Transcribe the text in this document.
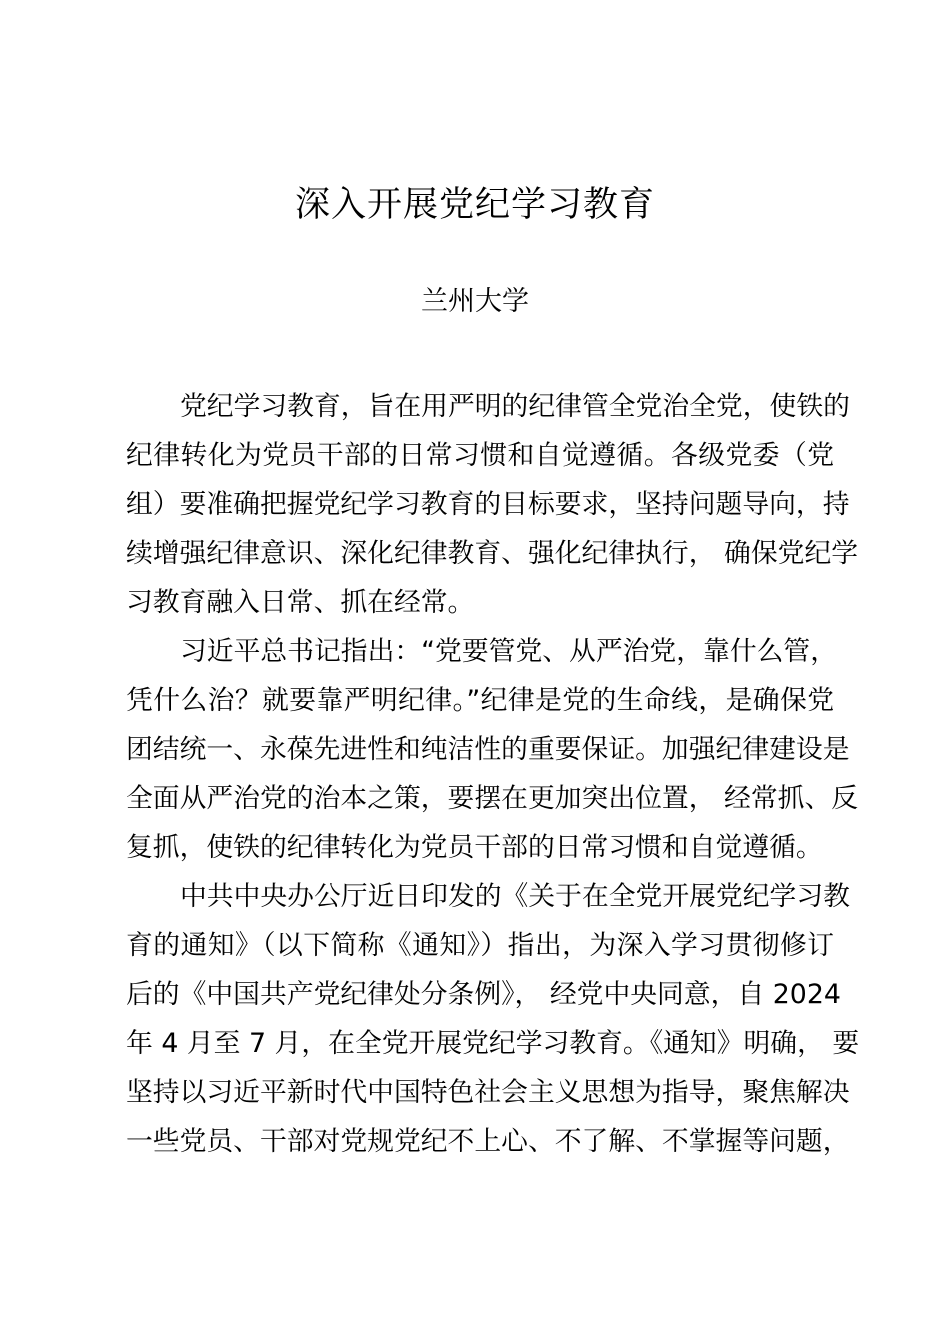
深入开展党纪学习教育
兰州大学
党纪学习教育，旨在用严明的纪律管全党治全党，使铁的
纪律转化为党员干部的日常习惯和自觉遵循。各级党委（党
组）要准确把握党纪学习教育的目标要求，坚持问题导向，持
续增强纪律意识、深化纪律教育、强化纪律执行， 确保党纪学
习教育融入日常、抓在经常。
习近平总书记指出：“党要管党、从严治党，靠什么管，
凭什么治？就要靠严明纪律。”纪律是党的生命线，是确保党
团结统一、永葆先进性和纯洁性的重要保证。加强纪律建设是
全面从严治党的治本之策，要摆在更加突出位置， 经常抓、反
复抓，使铁的纪律转化为党员干部的日常习惯和自觉遵循。
中共中央办公厅近日印发的《关于在全党开展党纪学习教
育的通知》（以下简称《通知》）指出，为深入学习贯彻修订
后的《中国共产党纪律处分条例》， 经党中央同意，自 2024
年 4 月至 7 月，在全党开展党纪学习教育。《通知》明确， 要
坚持以习近平新时代中国特色社会主义思想为指导，聚焦解决
一些党员、干部对党规党纪不上心、不了解、不掌握等问题，
